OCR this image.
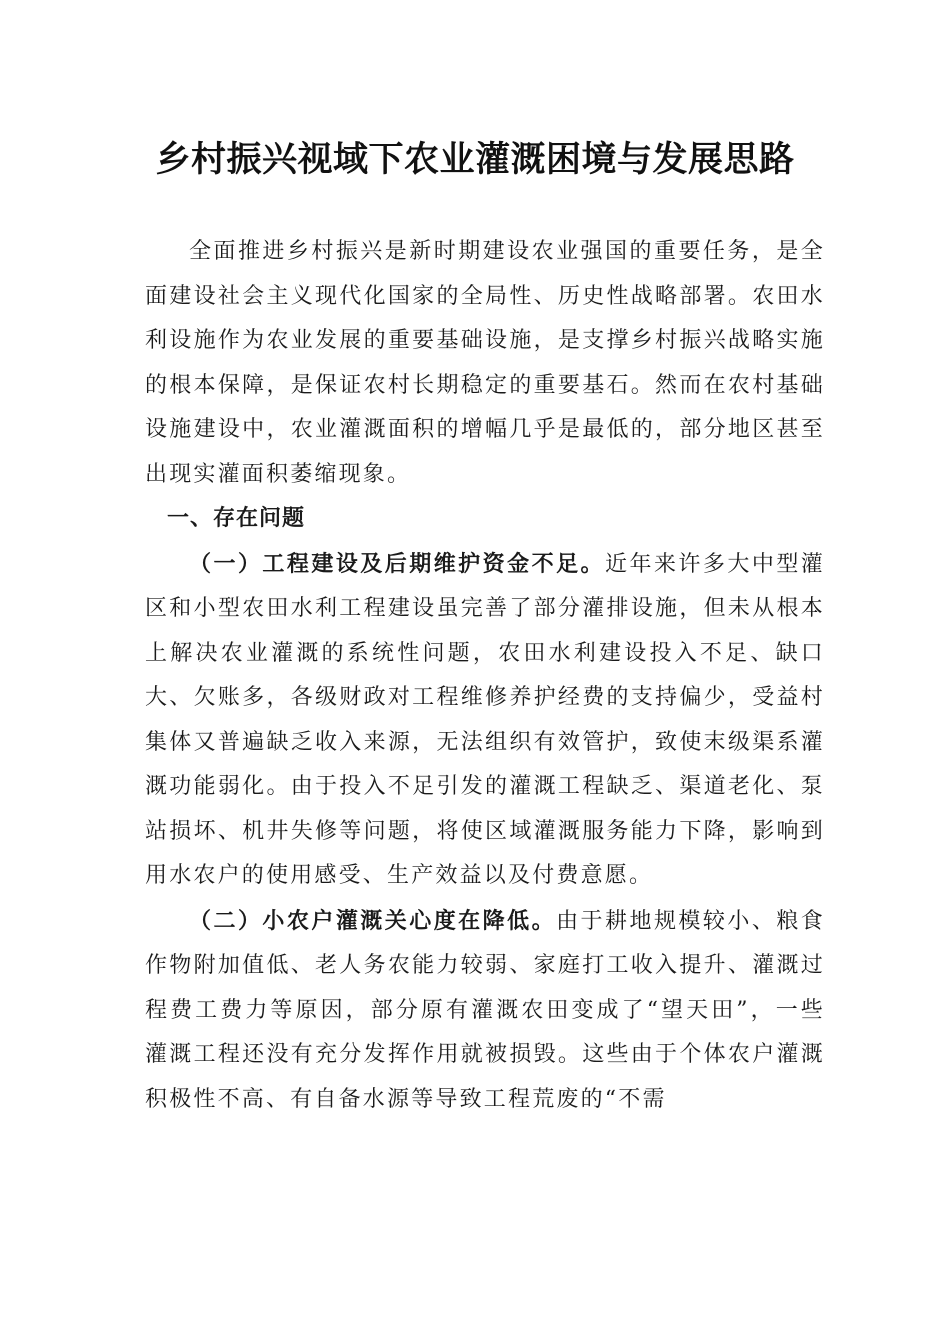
乡村振兴视域下农业灌溉困境与发展思路

全面推进乡村振兴是新时期建设农业强国的重要任务，是全面建设社会主义现代化国家的全局性、历史性战略部署。农田水利设施作为农业发展的重要基础设施，是支撑乡村振兴战略实施的根本保障，是保证农村长期稳定的重要基石。然而在农村基础设施建设中，农业灌溉面积的增幅几乎是最低的，部分地区甚至出现实灌面积萎缩现象。

一、存在问题

（一）工程建设及后期维护资金不足。近年来许多大中型灌区和小型农田水利工程建设虽完善了部分灌排设施，但未从根本上解决农业灌溉的系统性问题，农田水利建设投入不足、缺口大、欠账多，各级财政对工程维修养护经费的支持偏少，受益村集体又普遍缺乏收入来源，无法组织有效管护，致使末级渠系灌溉功能弱化。由于投入不足引发的灌溉工程缺乏、渠道老化、泵站损坏、机井失修等问题，将使区域灌溉服务能力下降，影响到用水农户的使用感受、生产效益以及付费意愿。

（二）小农户灌溉关心度在降低。由于耕地规模较小、粮食作物附加值低、老人务农能力较弱、家庭打工收入提升、灌溉过程费工费力等原因，部分原有灌溉农田变成了“望天田”，一些灌溉工程还没有充分发挥作用就被损毁。这些由于个体农户灌溉积极性不高、有自备水源等导致工程荒废的“不需
